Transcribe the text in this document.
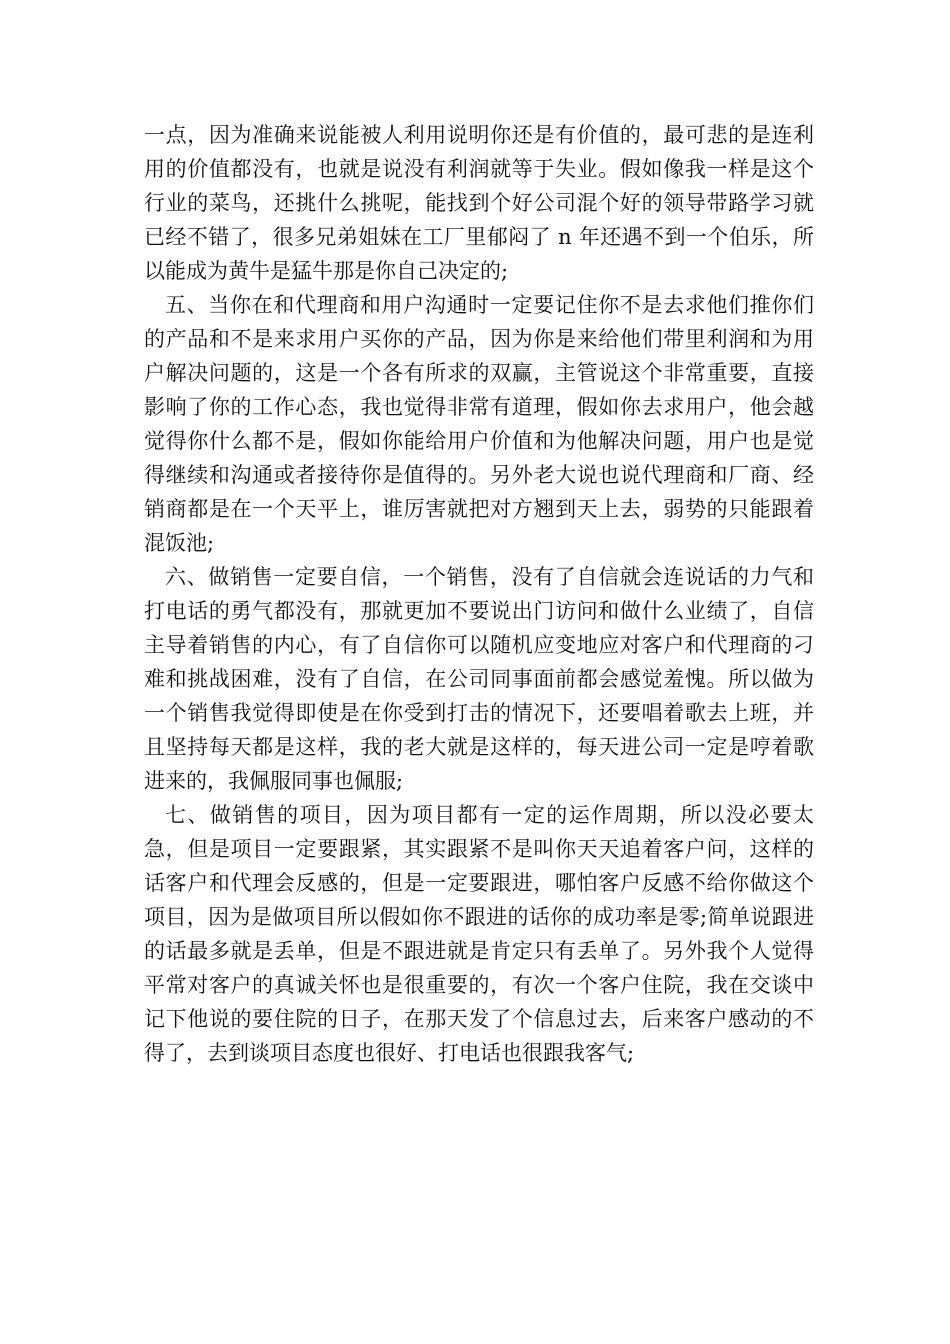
一点，因为准确来说能被人利用说明你还是有价值的，最可悲的是连利用的价值都没有，也就是说没有利润就等于失业。假如像我一样是这个行业的菜鸟，还挑什么挑呢，能找到个好公司混个好的领导带路学习就已经不错了，很多兄弟姐妹在工厂里郁闷了 n 年还遇不到一个伯乐，所以能成为黄牛是猛牛那是你自己决定的;

五、当你在和代理商和用户沟通时一定要记住你不是去求他们推你们的产品和不是来求用户买你的产品，因为你是来给他们带里利润和为用户解决问题的，这是一个各有所求的双赢，主管说这个非常重要，直接影响了你的工作心态，我也觉得非常有道理，假如你去求用户，他会越觉得你什么都不是，假如你能给用户价值和为他解决问题，用户也是觉得继续和沟通或者接待你是值得的。另外老大说也说代理商和厂商、经销商都是在一个天平上，谁厉害就把对方翘到天上去，弱势的只能跟着混饭池;

六、做销售一定要自信，一个销售，没有了自信就会连说话的力气和打电话的勇气都没有，那就更加不要说出门访问和做什么业绩了，自信主导着销售的内心，有了自信你可以随机应变地应对客户和代理商的刁难和挑战困难，没有了自信，在公司同事面前都会感觉羞愧。所以做为一个销售我觉得即使是在你受到打击的情况下，还要唱着歌去上班，并且坚持每天都是这样，我的老大就是这样的，每天进公司一定是哼着歌进来的，我佩服同事也佩服;

七、做销售的项目，因为项目都有一定的运作周期，所以没必要太急，但是项目一定要跟紧，其实跟紧不是叫你天天追着客户问，这样的话客户和代理会反感的，但是一定要跟进，哪怕客户反感不给你做这个项目，因为是做项目所以假如你不跟进的话你的成功率是零;简单说跟进的话最多就是丢单，但是不跟进就是肯定只有丢单了。另外我个人觉得平常对客户的真诚关怀也是很重要的，有次一个客户住院，我在交谈中记下他说的要住院的日子，在那天发了个信息过去，后来客户感动的不得了，去到谈项目态度也很好、打电话也很跟我客气;
